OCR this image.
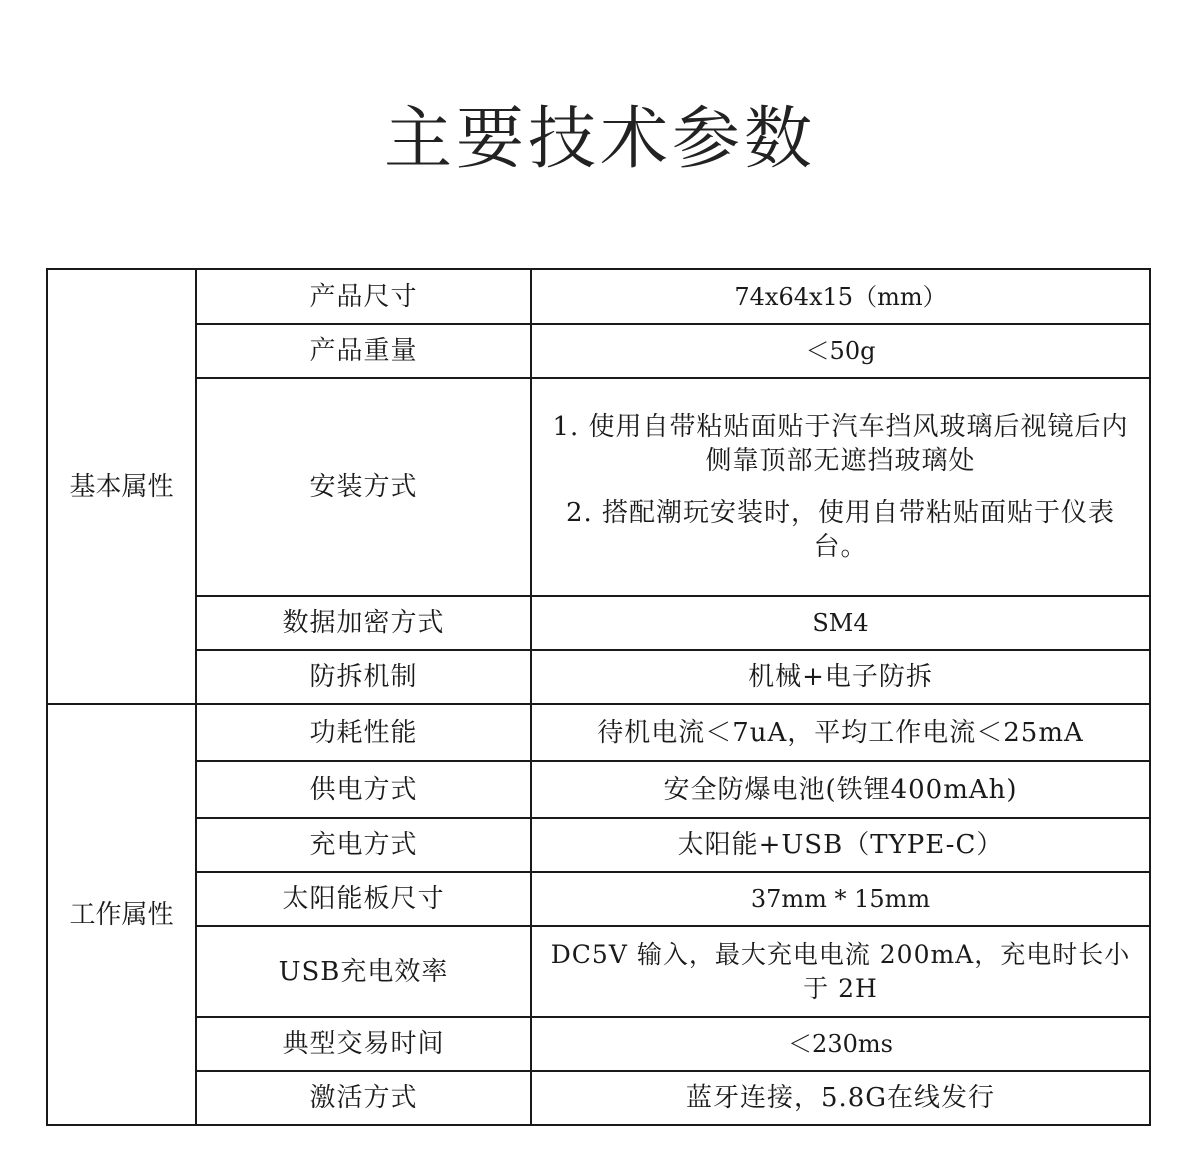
主要技术参数
基本属性	产品尺寸	74x64x15（mm）
	产品重量	＜50g
	安装方式	1. 使用自带粘贴面贴于汽车挡风玻璃后视镜后内 侧靠顶部无遮挡玻璃处

2. 搭配潮玩安装时，使用自带粘贴面贴于仪表 台。

	数据加密方式	SM4
	防拆机制	机械+电子防拆
工作属性	功耗性能	待机电流＜7uA，平均工作电流＜25mA
	供电方式	安全防爆电池(铁锂400mAh)
	充电方式	太阳能+USB（TYPE-C）
	太阳能板尺寸	37mm * 15mm
	USB充电效率	DC5V 输入，最大充电电流 200mA，充电时长小于 2H
	典型交易时间	＜230ms
	激活方式	蓝牙连接，5.8G在线发行
